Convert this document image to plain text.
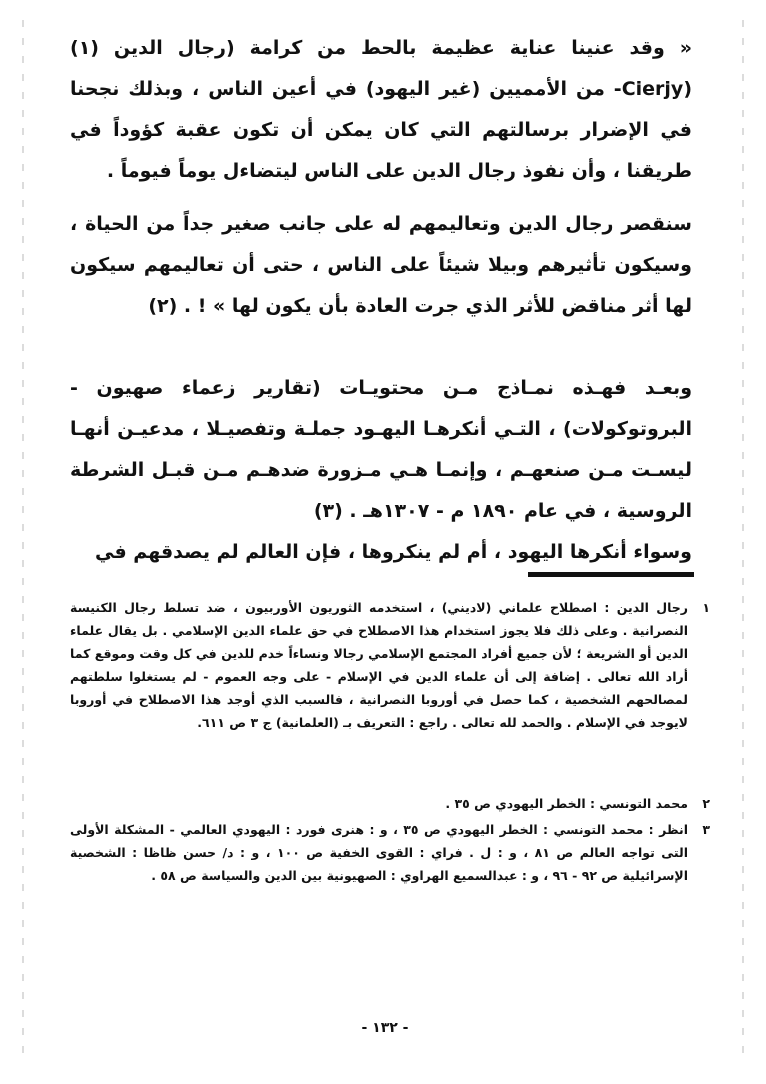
« وقد عنينا عناية عظيمة بالحط من كرامة (رجال الدين (١) (Cierjy- من الأمميين (غير اليهود) في أعين الناس ، وبذلك نجحنا في الإضرار برسالتهم التي كان يمكن أن تكون عقبة كؤوداً في طريقنا ، وأن نفوذ رجال الدين على الناس ليتضاءل يوماً فيوماً .

سنقصر رجال الدين وتعاليمهم له على جانب صغير جداً من الحياة ، وسيكون تأثيرهم وبيلا شيئاً على الناس ، حتى أن تعاليمهم سيكون لها أثر مناقض للأثر الذي جرت العادة بأن يكون لها » ! . (٢)

وبعـد فهـذه نمـاذج مـن محتويـات (تقارير زعماء صهيون - البروتوكولات) ، التـي أنكرهـا اليهـود جملـة وتفصيـلا ، مدعيـن أنهـا ليسـت مـن صنعهـم ، وإنمـا هـي مـزورة ضدهـم مـن قبـل الشرطة الروسية ، في عام ١٨٩٠ م - ١٣٠٧هـ . (٣)

وسواء أنكرها اليهود ، أم لم ينكروها ، فإن العالم لم يصدقهم في

١
رجال الدين : اصطلاح علماني (لاديني) ، استخدمه الثوريون الأوربيون ، ضد تسلط رجال الكنيسة النصرانية . وعلى ذلك فلا يجوز استخدام هذا الاصطلاح في حق علماء الدين الإسلامي . بل يقال علماء الدين أو الشريعة ؛ لأن جميع أفراد المجتمع الإسلامي رجالا ونساءاً خدم للدين في كل وقت وموقع كما أراد الله تعالى . إضافة إلى أن علماء الدين في الإسلام - على وجه العموم - لم يستغلوا سلطتهم لمصالحهم الشخصية ، كما حصل في أوروبا النصرانية ، فالسبب الذي أوجد هذا الاصطلاح في أوروبا لايوجد في الإسلام . والحمد لله تعالى . راجع : التعريف بـ (العلمانية) ج ٣ ص ٦١١.
٢
محمد التونسي : الخطر اليهودي ص ٣٥ .
٣
انظر : محمد التونسي : الخطر اليهودي ص ٣٥ ، و : هنرى فورد : اليهودي العالمي - المشكلة الأولى التى تواجه العالم ص ٨١ ، و : ل . فراي : القوى الخفية ص ١٠٠ ، و : د/ حسن ظاظا : الشخصية الإسرائيلية ص ٩٢ - ٩٦ ، و : عبدالسميع الهراوي : الصهيونية بين الدين والسياسة ص ٥٨ .
- ١٣٢ -
